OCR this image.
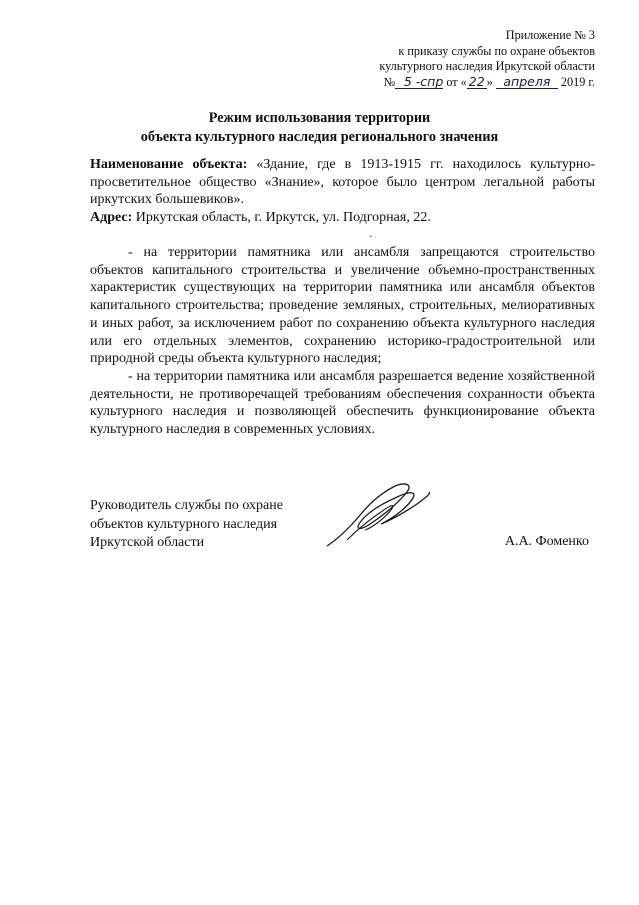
Приложение № 3
к приказу службы по охране объектов
культурного наследия Иркутской области
№ 5 -спр от « 22 » апреля 2019 г.
Режим использования территории
объекта культурного наследия регионального значения
Наименование объекта: «Здание, где в 1913-1915 гг. находилось культурно-просветительное общество «Знание», которое было центром легальной работы иркутских большевиков».
Адрес: Иркутская область, г. Иркутск, ул. Подгорная, 22.
·

- на территории памятника или ансамбля запрещаются строительство объектов капитального строительства и увеличение объемно-пространственных характеристик существующих на территории памятника или ансамбля объектов капитального строительства; проведение земляных, строительных, мелиоративных и иных работ, за исключением работ по сохранению объекта культурного наследия или его отдельных элементов, сохранению историко-градостроительной или природной среды объекта культурного наследия;

- на территории памятника или ансамбля разрешается ведение хозяйственной деятельности, не противоречащей требованиям обеспечения сохранности объекта культурного наследия и позволяющей обеспечить функционирование объекта культурного наследия в современных условиях.

Руководитель службы по охране
объектов культурного наследия
Иркутской области	А.А. Фоменко
